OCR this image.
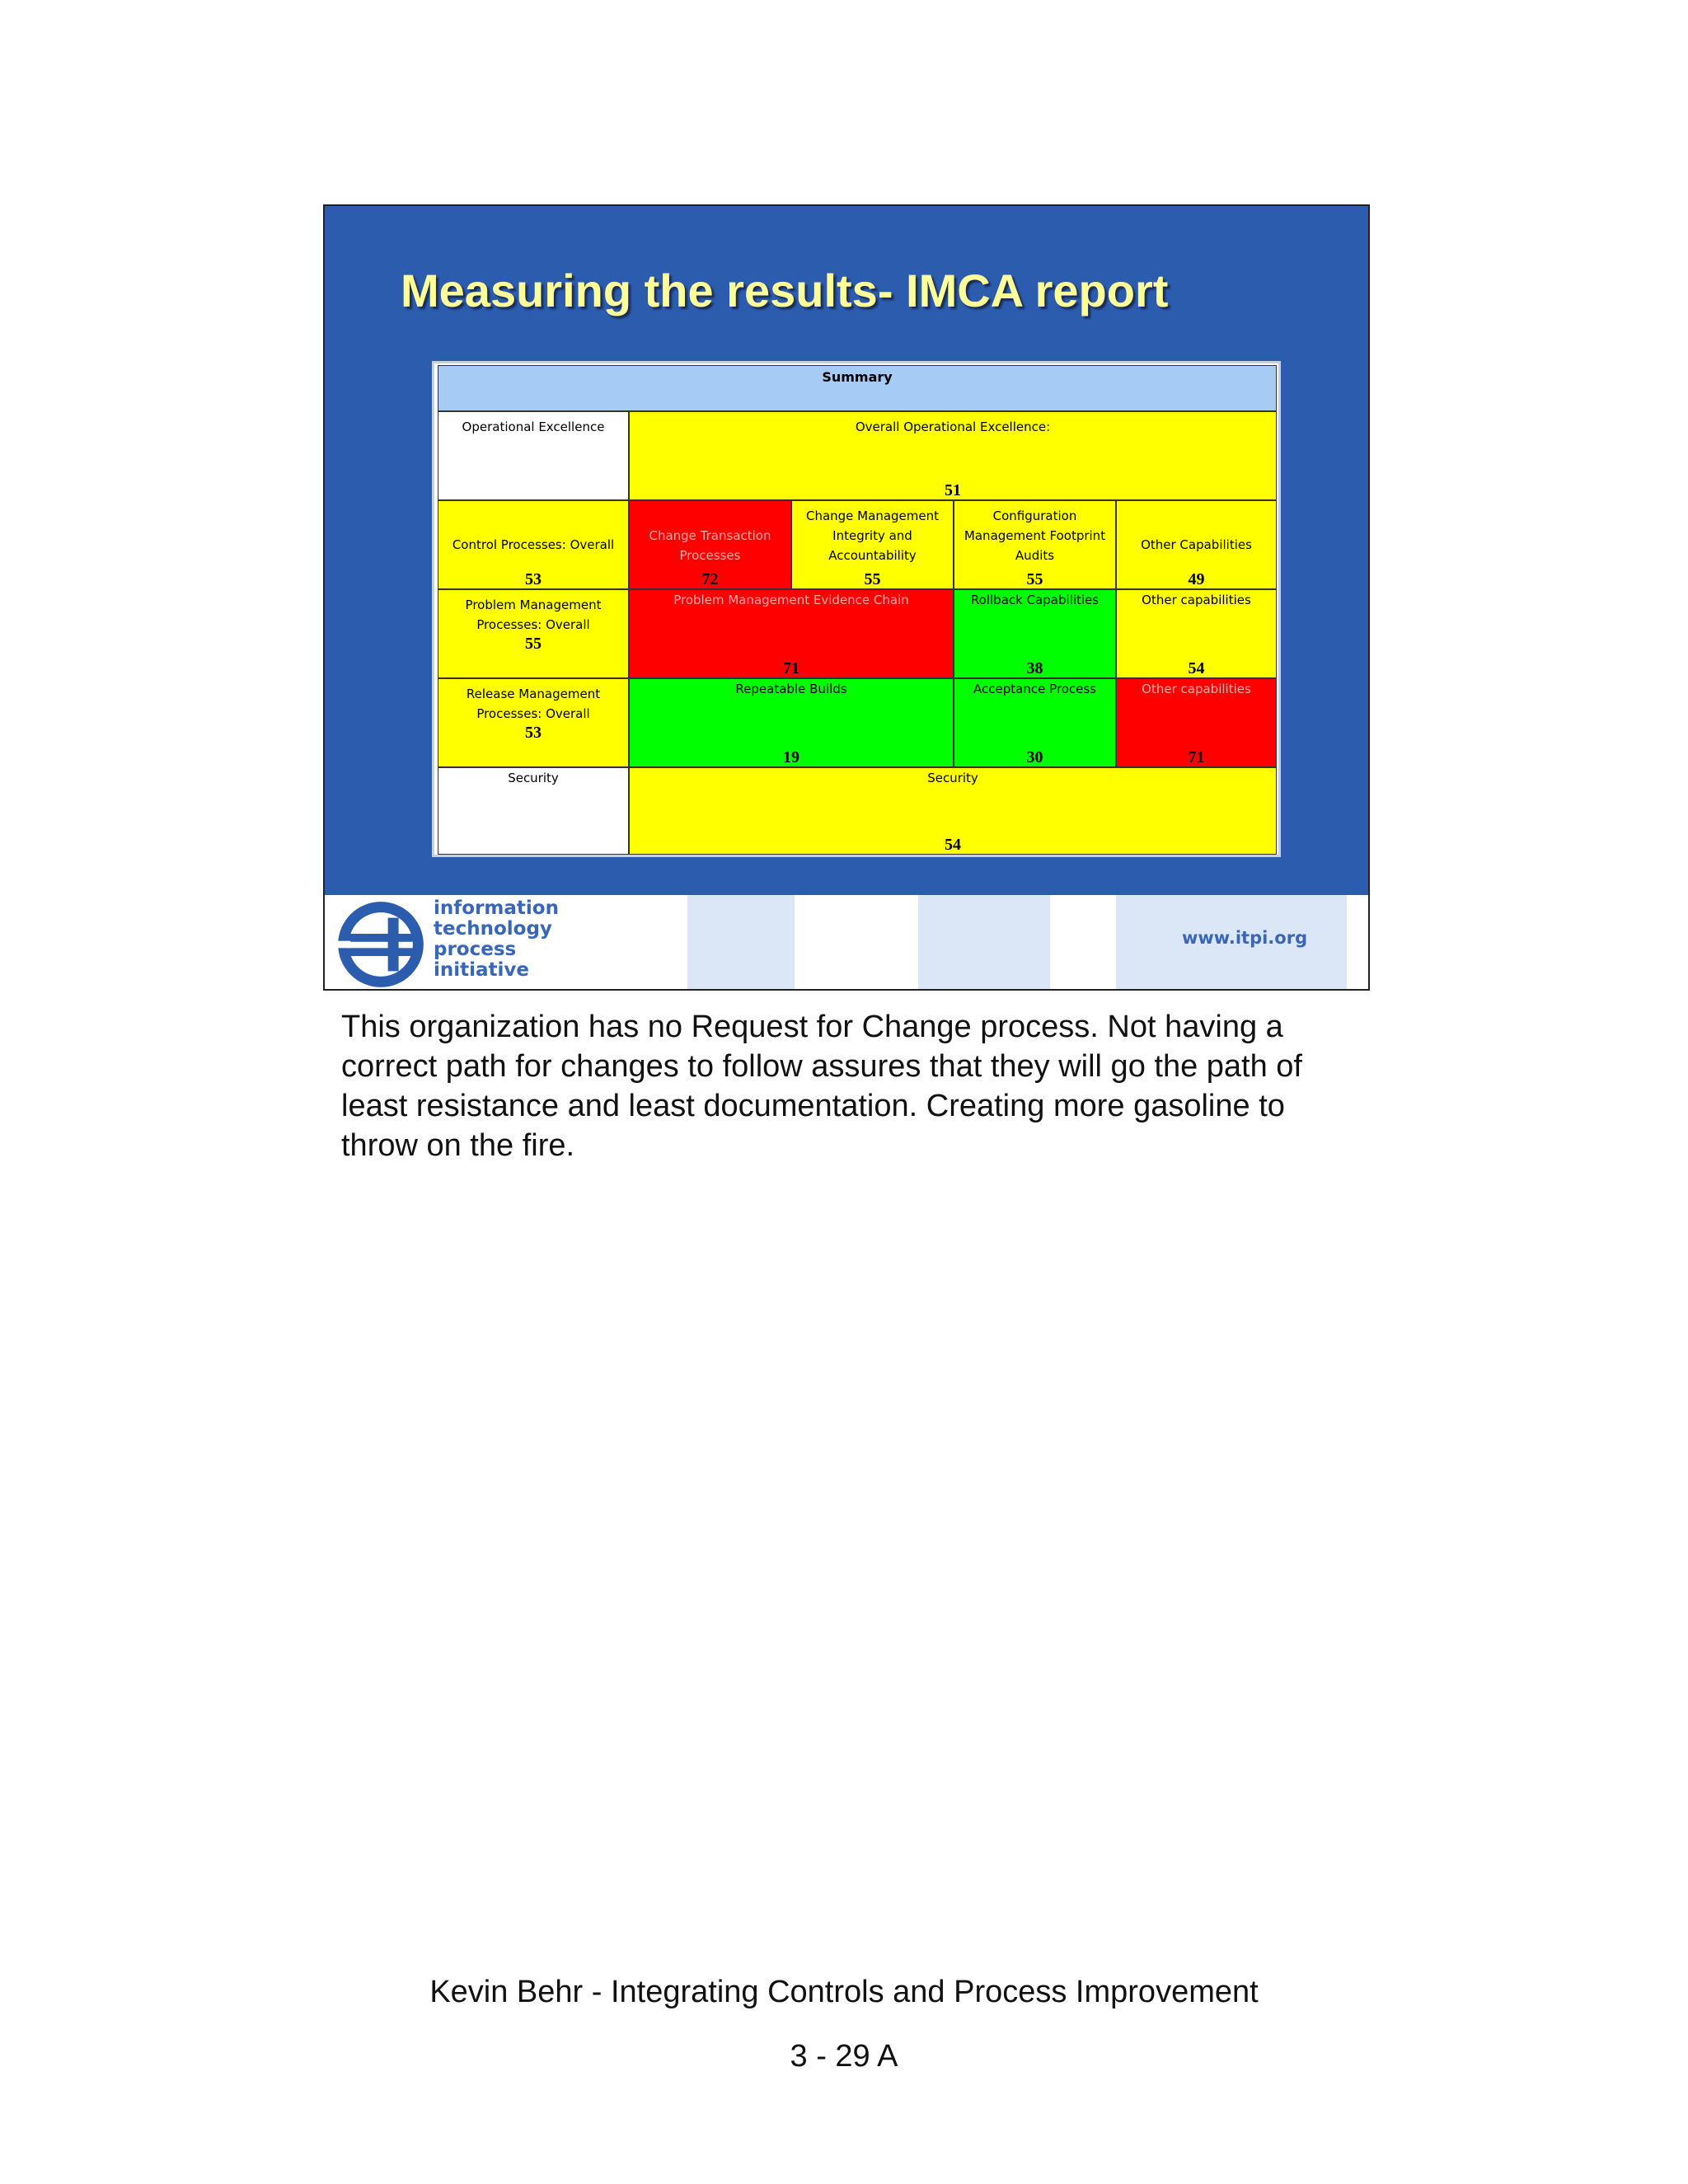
Measuring the results- IMCA report
Summary
Operational Excellence	Overall Operational Excellence:
51
Control Processes: Overall
53
Change Transaction Processes
72
Change Management Integrity and Accountability
55
Configuration Management Footprint Audits
55
Other Capabilities
49
Problem Management Processes: Overall
55
Problem Management Evidence Chain
71
Rollback Capabilities
38
Other capabilities
54
Release Management Processes: Overall
53
Repeatable Builds
19
Acceptance Process
30
Other capabilities
71
Security	Security
54
information
technology
process
initiative
www.itpi.org
This organization has no Request for Change process. Not having a correct path for changes to follow assures that they will go the path of least resistance and least documentation. Creating more gasoline to throw on the fire.
Kevin Behr - Integrating Controls and Process Improvement
3 - 29 A
